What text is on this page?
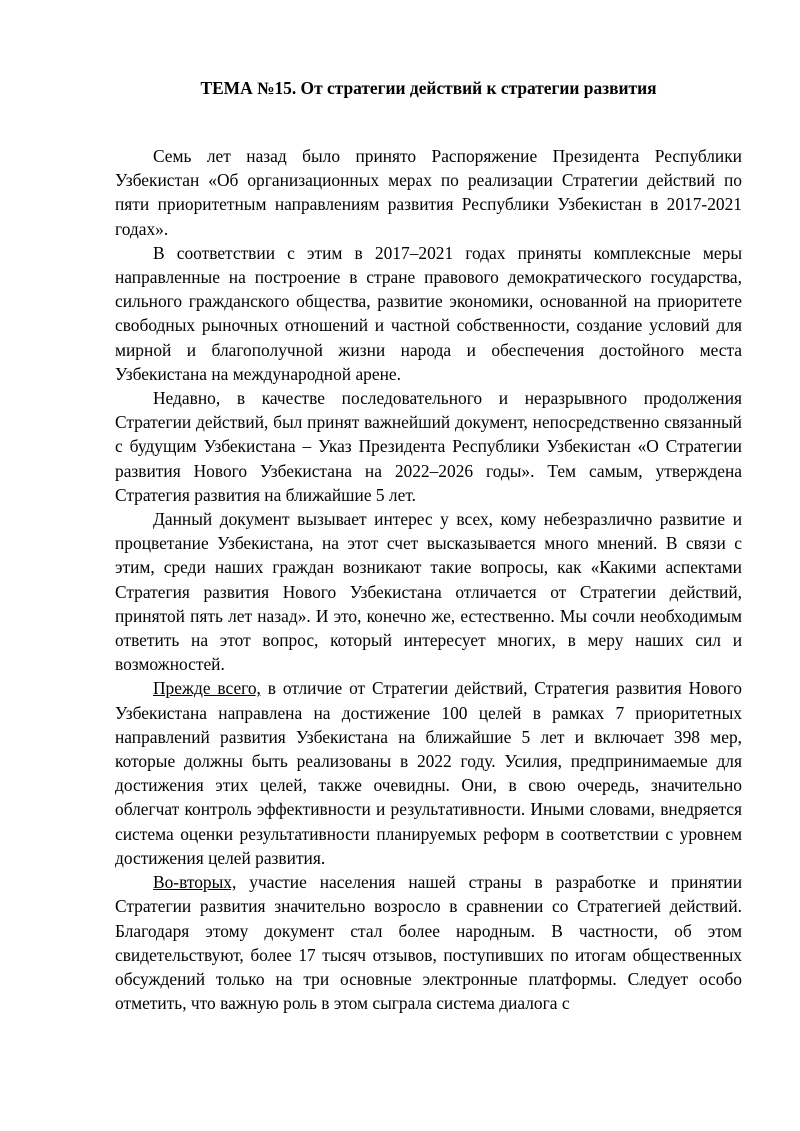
ТЕМА №15. От стратегии действий к стратегии развития

Семь лет назад было принято Распоряжение Президента Республики Узбекистан «Об организационных мерах по реализации Стратегии действий по пяти приоритетным направлениям развития Республики Узбекистан в 2017-2021 годах».

В соответствии с этим в 2017–2021 годах приняты комплексные меры направленные на построение в стране правового демократического государства, сильного гражданского общества, развитие экономики, основанной на приоритете свободных рыночных отношений и частной собственности, создание условий для мирной и благополучной жизни народа и обеспечения достойного места Узбекистана на международной арене.

Недавно, в качестве последовательного и неразрывного продолжения Стратегии действий, был принят важнейший документ, непосредственно связанный с будущим Узбекистана – Указ Президента Республики Узбекистан «О Стратегии развития Нового Узбекистана на 2022–2026 годы». Тем самым, утверждена Стратегия развития на ближайшие 5 лет.

Данный документ вызывает интерес у всех, кому небезразлично развитие и процветание Узбекистана, на этот счет высказывается много мнений. В связи с этим, среди наших граждан возникают такие вопросы, как «Какими аспектами Стратегия развития Нового Узбекистана отличается от Стратегии действий, принятой пять лет назад». И это, конечно же, естественно. Мы сочли необходимым ответить на этот вопрос, который интересует многих, в меру наших сил и возможностей.

Прежде всего, в отличие от Стратегии действий, Стратегия развития Нового Узбекистана направлена на достижение 100 целей в рамках 7 приоритетных направлений развития Узбекистана на ближайшие 5 лет и включает 398 мер, которые должны быть реализованы в 2022 году. Усилия, предпринимаемые для достижения этих целей, также очевидны. Они, в свою очередь, значительно облегчат контроль эффективности и результативности. Иными словами, внедряется система оценки результативности планируемых реформ в соответствии с уровнем достижения целей развития.

Во-вторых, участие населения нашей страны в разработке и принятии Стратегии развития значительно возросло в сравнении со Стратегией действий. Благодаря этому документ стал более народным. В частности, об этом свидетельствуют, более 17 тысяч отзывов, поступивших по итогам общественных обсуждений только на три основные электронные платформы. Следует особо отметить, что важную роль в этом сыграла система диалога с
